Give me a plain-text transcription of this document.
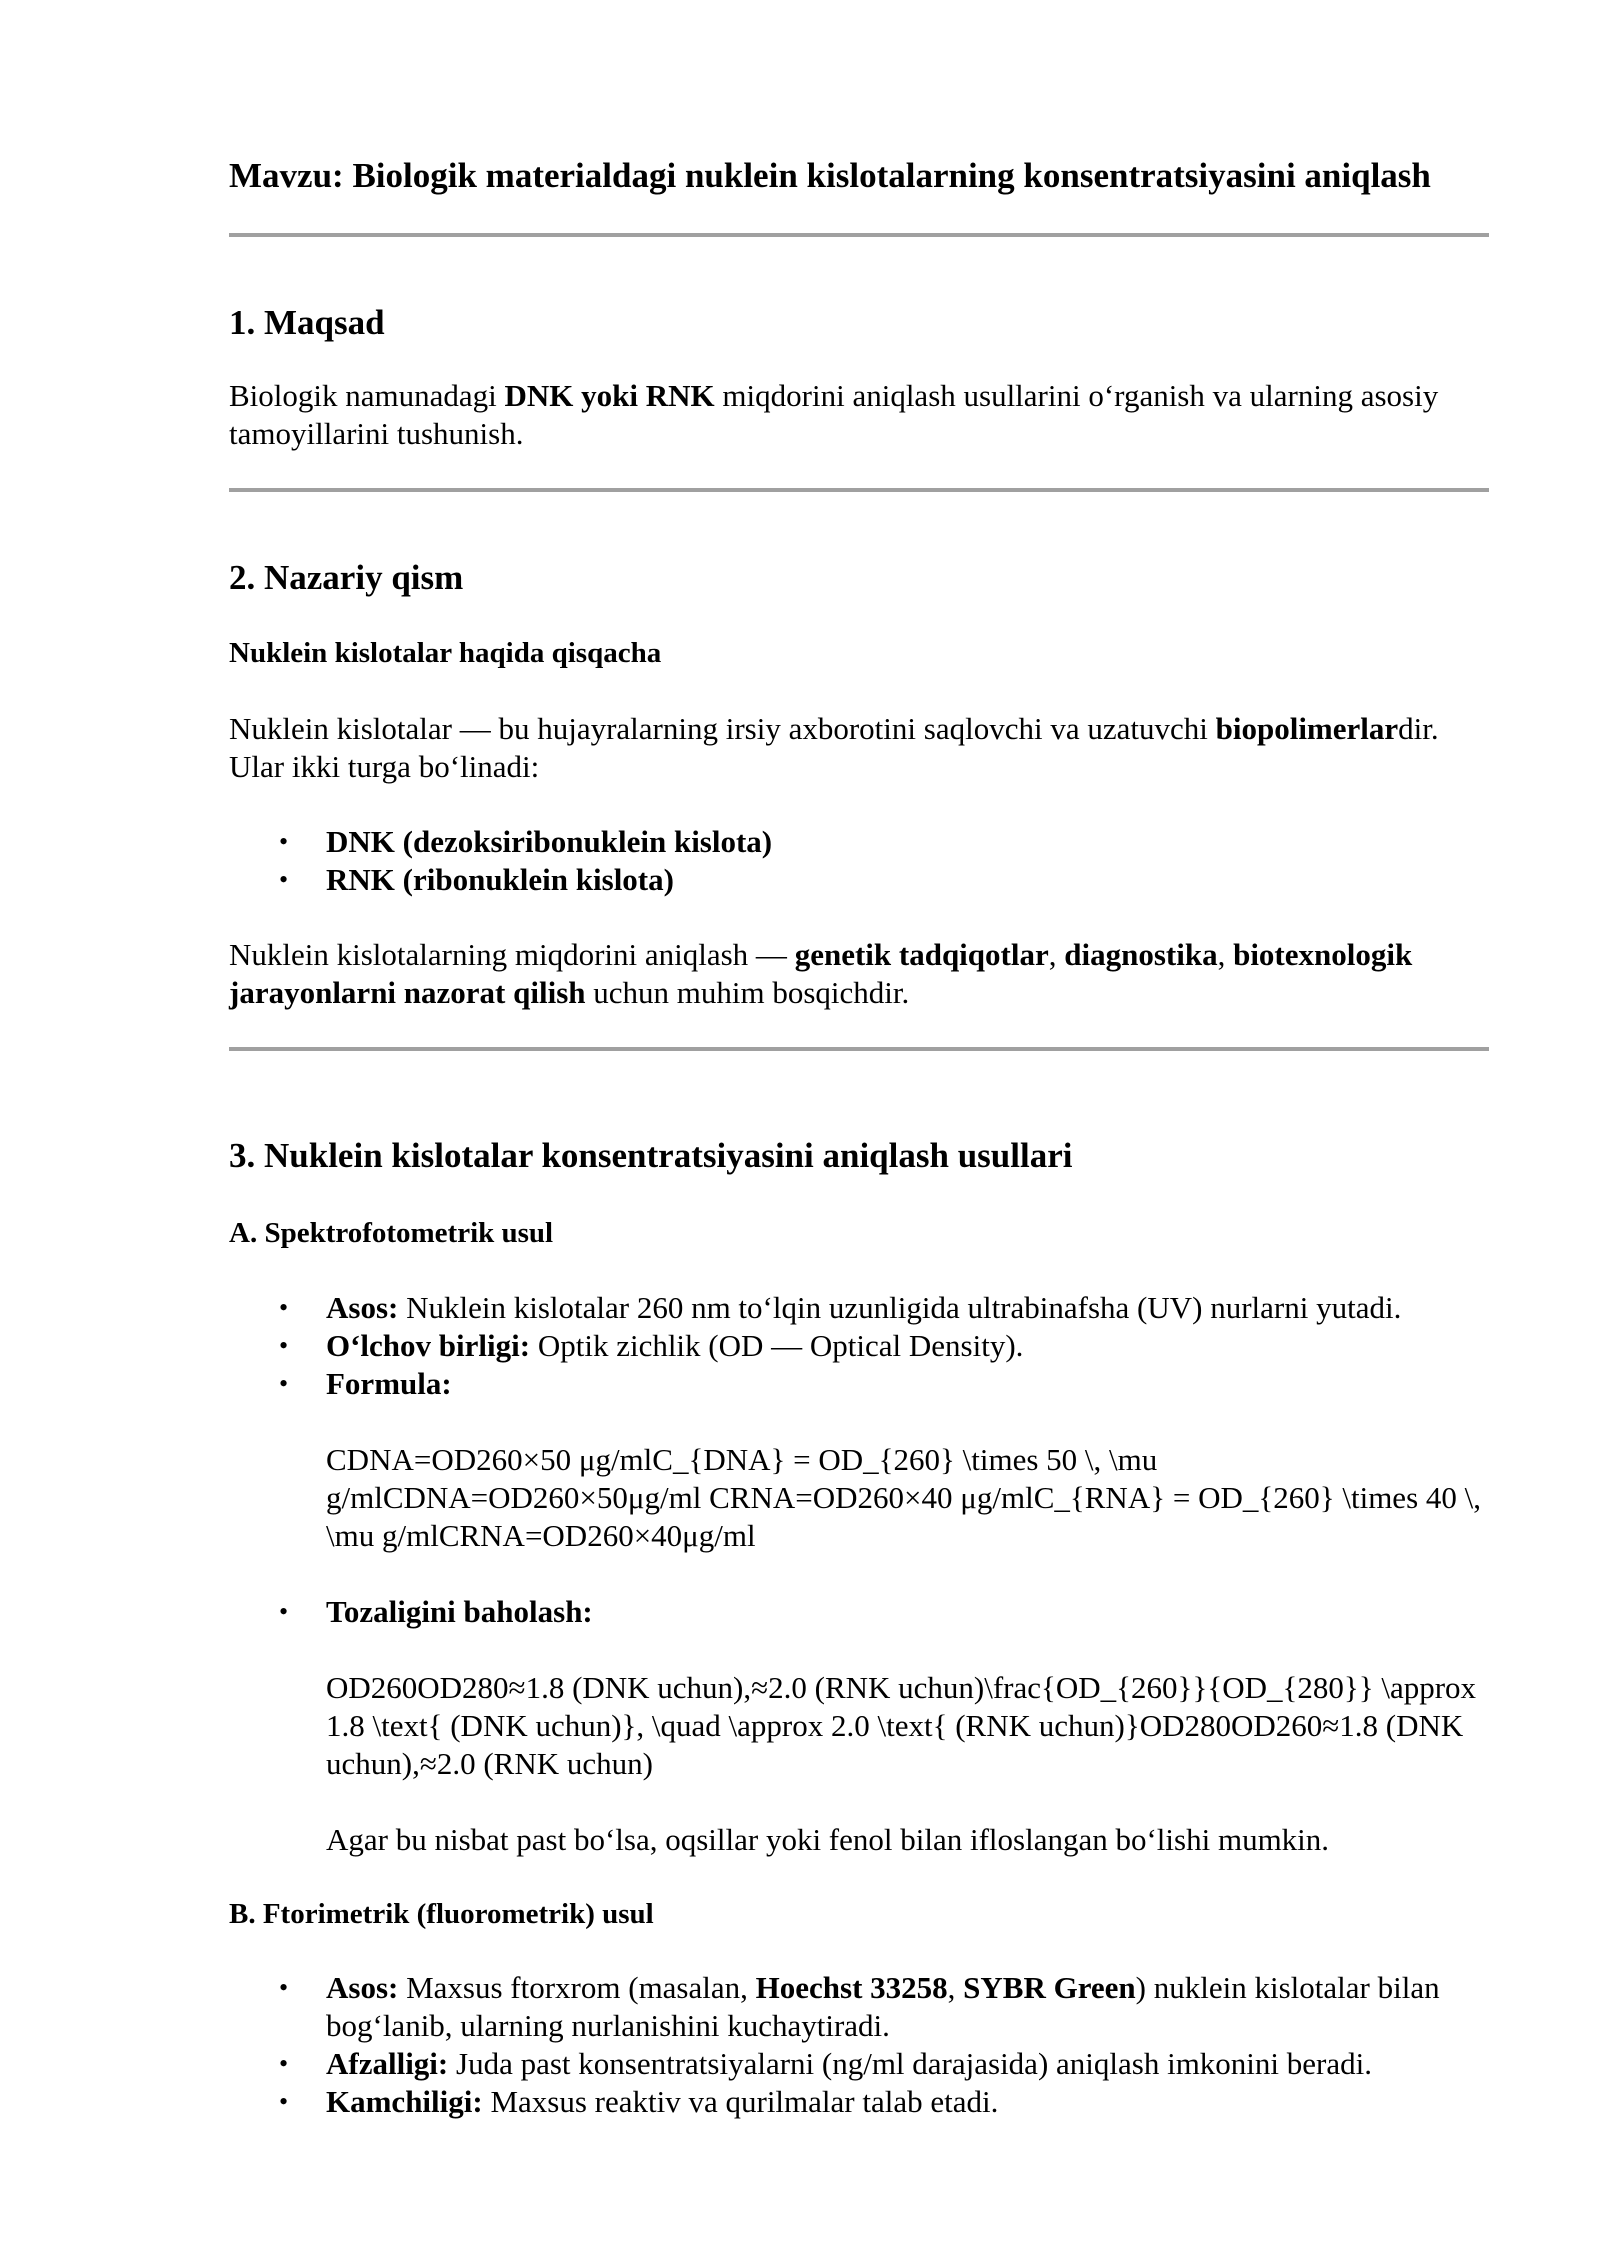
Mavzu: Biologik materialdagi nuklein kislotalarning konsentratsiyasini aniqlash
1. Maqsad

Biologik namunadagi DNK yoki RNK miqdorini aniqlash usullarini o‘rganish va ularning asosiy tamoyillarini tushunish.

2. Nazariy qism
Nuklein kislotalar haqida qisqacha

Nuklein kislotalar — bu hujayralarning irsiy axborotini saqlovchi va uzatuvchi biopolimerlardir. Ular ikki turga bo‘linadi:

• DNK (dezoksiribonuklein kislota)
• RNK (ribonuklein kislota)

Nuklein kislotalarning miqdorini aniqlash — genetik tadqiqotlar, diagnostika, biotexnologik jarayonlarni nazorat qilish uchun muhim bosqichdir.

3. Nuklein kislotalar konsentratsiyasini aniqlash usullari
A. Spektrofotometrik usul
• Asos: Nuklein kislotalar 260 nm to‘lqin uzunligida ultrabinafsha (UV) nurlarni yutadi.
• O‘lchov birligi: Optik zichlik (OD — Optical Density).
• Formula:
CDNA=OD260×50 μg/mlC_{DNA} = OD_{260} \times 50 \, \mu g/mlCDNA=OD260×50μg/ml CRNA=OD260×40 μg/mlC_{RNA} = OD_{260} \times 40 \, \mu g/mlCRNA=OD260×40μg/ml
• Tozaligini baholash:
OD260OD280≈1.8 (DNK uchun),≈2.0 (RNK uchun)\frac{OD_{260}}{OD_{280}} \approx 1.8 \text{ (DNK uchun)}, \quad \approx 2.0 \text{ (RNK uchun)}OD280OD260≈1.8 (DNK uchun),≈2.0 (RNK uchun)
Agar bu nisbat past bo‘lsa, oqsillar yoki fenol bilan ifloslangan bo‘lishi mumkin.
B. Ftorimetrik (fluorometrik) usul
• Asos: Maxsus ftorxrom (masalan, Hoechst 33258, SYBR Green) nuklein kislotalar bilan bog‘lanib, ularning nurlanishini kuchaytiradi.
• Afzalligi: Juda past konsentratsiyalarni (ng/ml darajasida) aniqlash imkonini beradi.
• Kamchiligi: Maxsus reaktiv va qurilmalar talab etadi.
